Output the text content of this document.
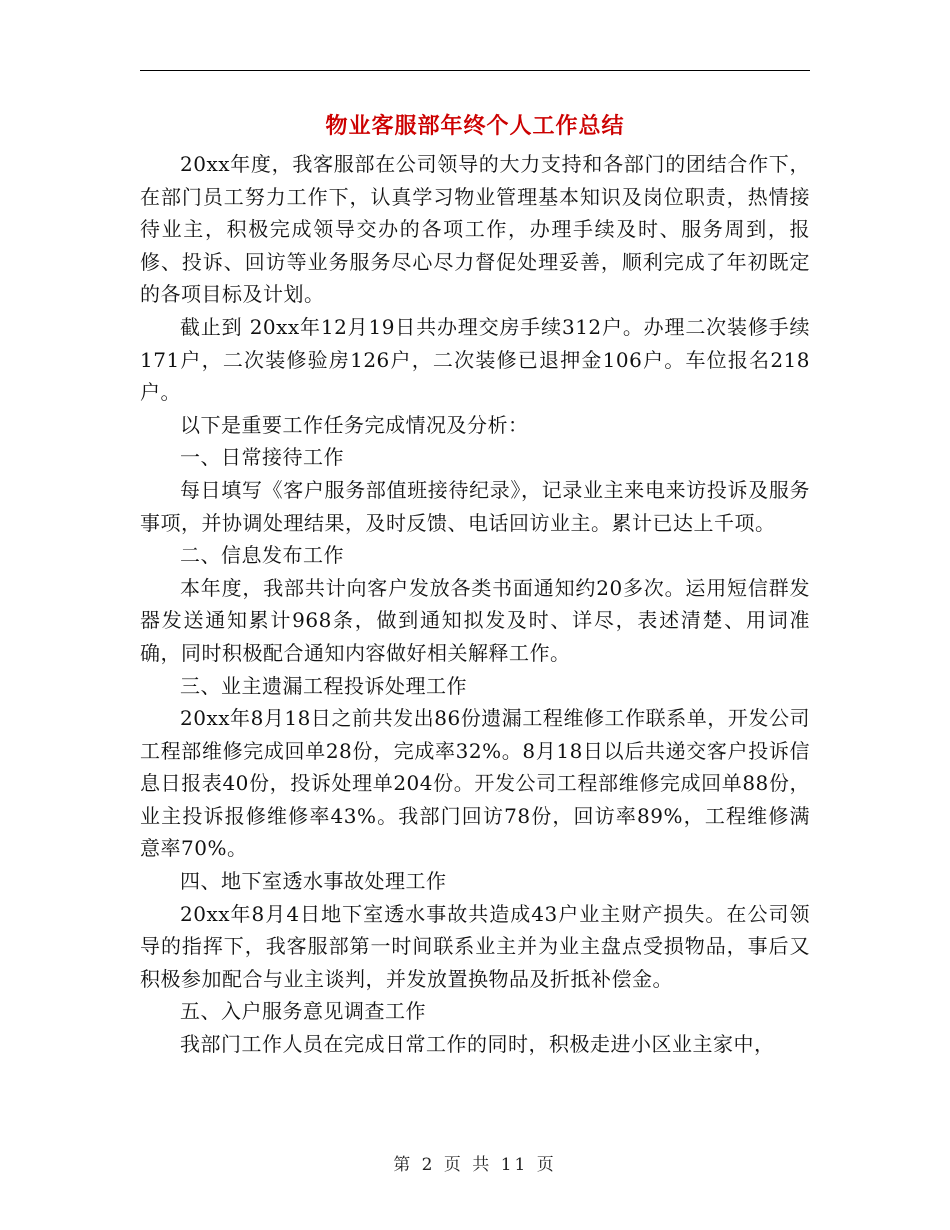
物业客服部年终个人工作总结

20xx年度，我客服部在公司领导的大力支持和各部门的团结合作下，在部门员工努力工作下，认真学习物业管理基本知识及岗位职责，热情接待业主，积极完成领导交办的各项工作，办理手续及时、服务周到，报修、投诉、回访等业务服务尽心尽力督促处理妥善，顺利完成了年初既定的各项目标及计划。

截止到 20xx年12月19日共办理交房手续312户。办理二次装修手续171户，二次装修验房126户，二次装修已退押金106户。车位报名218户。

以下是重要工作任务完成情况及分析：

一、日常接待工作

每日填写《客户服务部值班接待纪录》，记录业主来电来访投诉及服务事项，并协调处理结果，及时反馈、电话回访业主。累计已达上千项。

二、信息发布工作

本年度，我部共计向客户发放各类书面通知约20多次。运用短信群发器发送通知累计968条，做到通知拟发及时、详尽，表述清楚、用词准确，同时积极配合通知内容做好相关解释工作。

三、业主遗漏工程投诉处理工作

20xx年8月18日之前共发出86份遗漏工程维修工作联系单，开发公司工程部维修完成回单28份，完成率32%。8月18日以后共递交客户投诉信息日报表40份，投诉处理单204份。开发公司工程部维修完成回单88份，业主投诉报修维修率43%。我部门回访78份，回访率89%，工程维修满意率70%。

四、地下室透水事故处理工作

20xx年8月4日地下室透水事故共造成43户业主财产损失。在公司领导的指挥下，我客服部第一时间联系业主并为业主盘点受损物品，事后又积极参加配合与业主谈判，并发放置换物品及折抵补偿金。

五、入户服务意见调查工作

我部门工作人员在完成日常工作的同时，积极走进小区业主家中，

第 2 页 共 11 页
